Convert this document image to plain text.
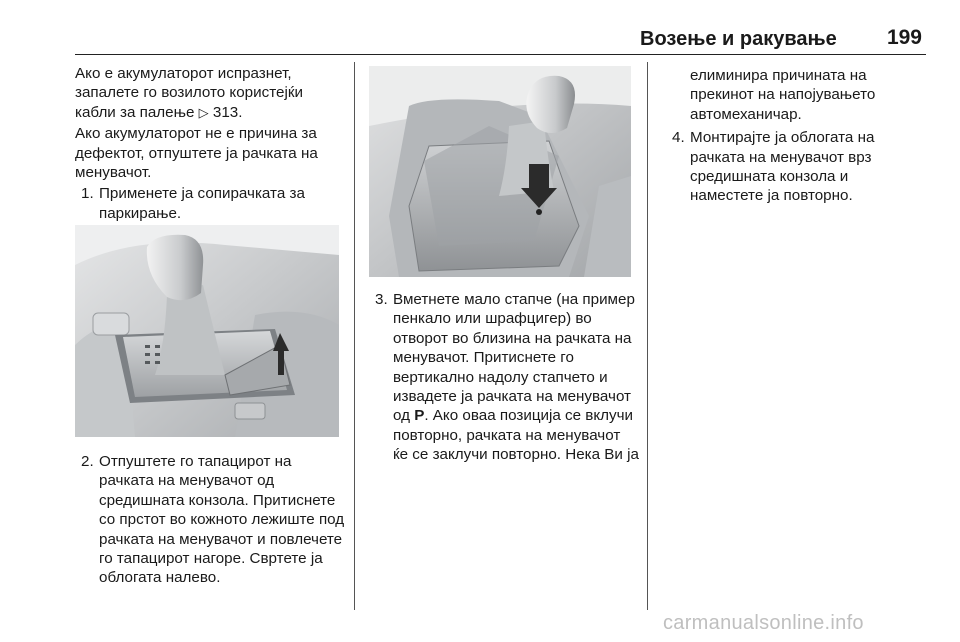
Возење и ракување 199

Ако е акумулаторот испразнет, запалете го возилото користејќи кабли за палење ▷ 313.

Ако акумулаторот не е причина за дефектот, отпуштете ја рачката на менувачот.

1. Применете ја сопирачката за паркирање.
2. Отпуштете го тапацирот на рачката на менувачот од средишната конзола. Притиснете со прстот во кожното лежиште под рачката на менувачот и повлечете го тапацирот нагоре. Свртете ја облогата налево.
3. Вметнете мало стапче (на пример пенкало или шрафцигер) во отворот во близина на рачката на менувачот. Притиснете го вертикално надолу стапчето и извадете ја рачката на менувачот од P. Ако оваа позиција се вклучи повторно, рачката на менувачот ќе се заклучи повторно. Нека Ви ја
елиминира причината на прекинот на напојувањето автомеханичар.
4. Монтирајте ја облогата на рачката на менувачот врз средишната конзола и наместете ја повторно.
carmanualsonline.info
